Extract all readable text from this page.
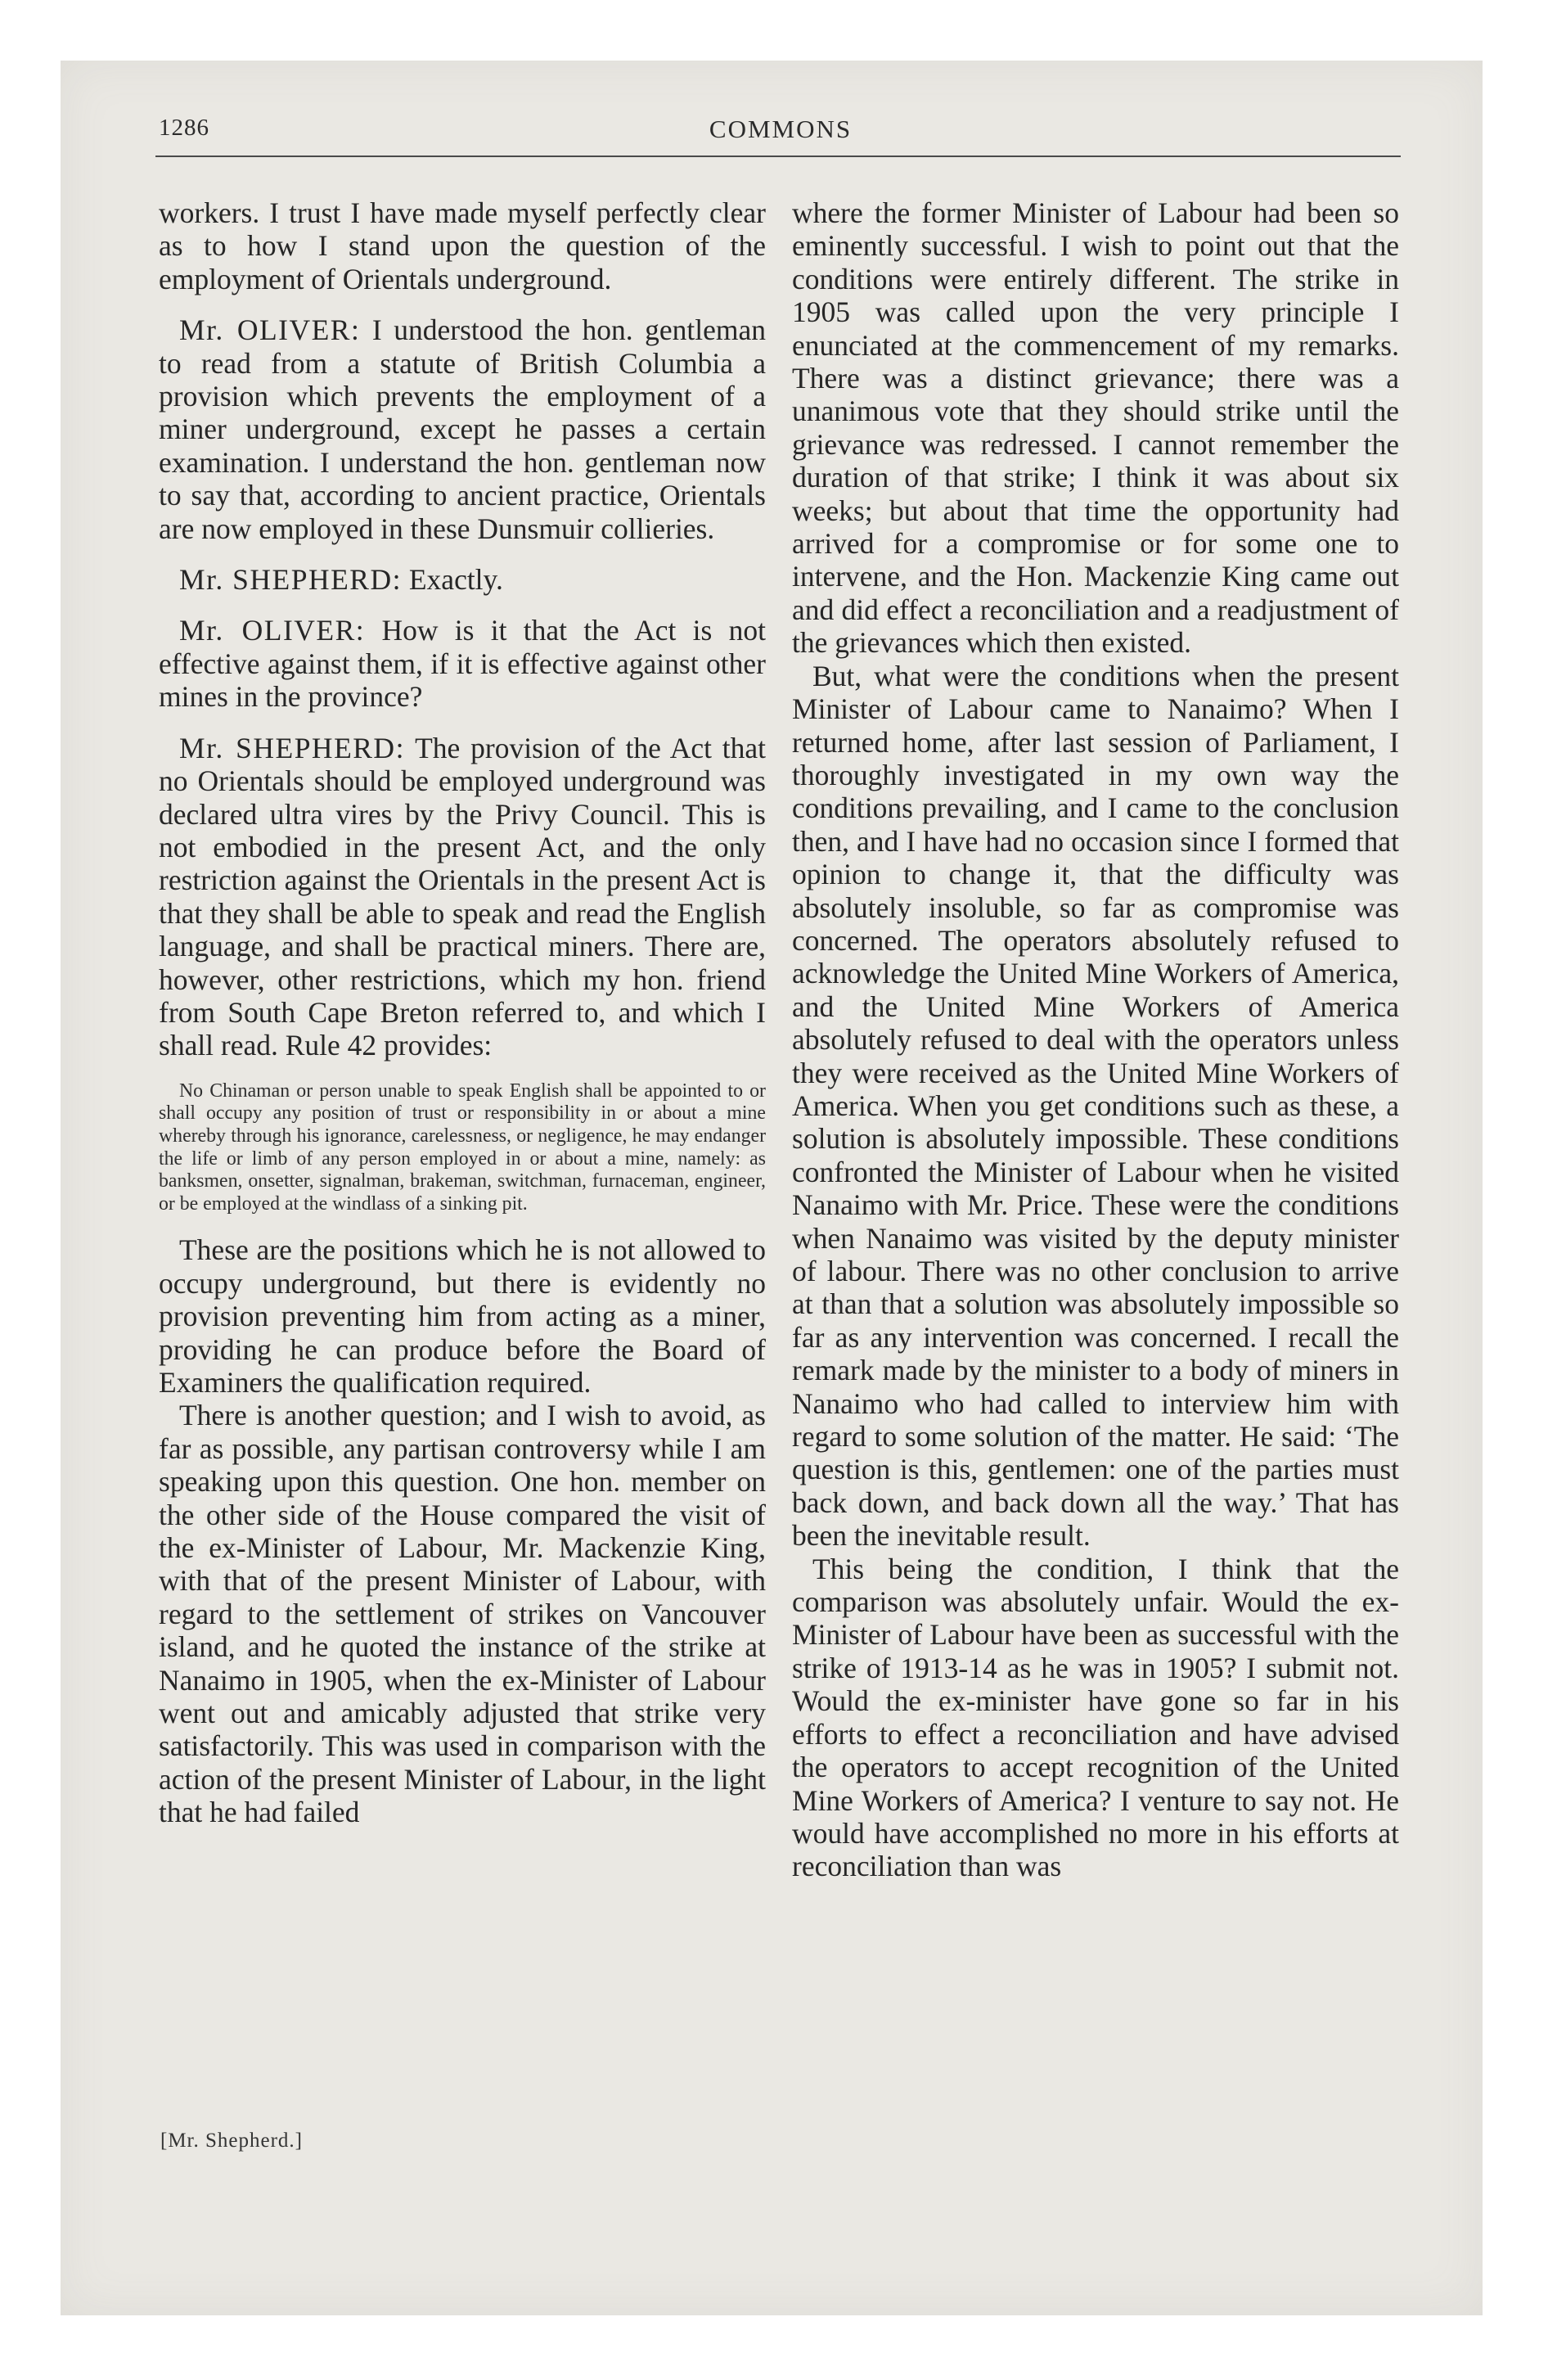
1286	COMMONS

workers. I trust I have made myself perfectly clear as to how I stand upon the question of the employment of Orientals underground.

Mr. OLIVER: I understood the hon. gentleman to read from a statute of British Columbia a provision which prevents the employment of a miner underground, except he passes a certain examination. I understand the hon. gentleman now to say that, according to ancient practice, Orientals are now employed in these Dunsmuir collieries.

Mr. SHEPHERD: Exactly.

Mr. OLIVER: How is it that the Act is not effective against them, if it is effective against other mines in the province?

Mr. SHEPHERD: The provision of the Act that no Orientals should be employed underground was declared ultra vires by the Privy Council. This is not embodied in the present Act, and the only restriction against the Orientals in the present Act is that they shall be able to speak and read the English language, and shall be practical miners. There are, however, other restrictions, which my hon. friend from South Cape Breton referred to, and which I shall read. Rule 42 provides:

No Chinaman or person unable to speak English shall be appointed to or shall occupy any position of trust or responsibility in or about a mine whereby through his ignorance, carelessness, or negligence, he may endanger the life or limb of any person employed in or about a mine, namely: as banksmen, onsetter, signalman, brakeman, switchman, furnaceman, engineer, or be employed at the windlass of a sinking pit.

These are the positions which he is not allowed to occupy underground, but there is evidently no provision preventing him from acting as a miner, providing he can produce before the Board of Examiners the qualification required.

There is another question; and I wish to avoid, as far as possible, any partisan controversy while I am speaking upon this question. One hon. member on the other side of the House compared the visit of the ex-Minister of Labour, Mr. Mackenzie King, with that of the present Minister of Labour, with regard to the settlement of strikes on Vancouver island, and he quoted the instance of the strike at Nanaimo in 1905, when the ex-Minister of Labour went out and amicably adjusted that strike very satisfactorily. This was used in comparison with the action of the present Minister of Labour, in the light that he had failed

where the former Minister of Labour had been so eminently successful. I wish to point out that the conditions were entirely different. The strike in 1905 was called upon the very principle I enunciated at the commencement of my remarks. There was a distinct grievance; there was a unanimous vote that they should strike until the grievance was redressed. I cannot remember the duration of that strike; I think it was about six weeks; but about that time the opportunity had arrived for a compromise or for some one to intervene, and the Hon. Mackenzie King came out and did effect a reconciliation and a readjustment of the grievances which then existed.

But, what were the conditions when the present Minister of Labour came to Nanaimo? When I returned home, after last session of Parliament, I thoroughly investigated in my own way the conditions prevailing, and I came to the conclusion then, and I have had no occasion since I formed that opinion to change it, that the difficulty was absolutely insoluble, so far as compromise was concerned. The operators absolutely refused to acknowledge the United Mine Workers of America, and the United Mine Workers of America absolutely refused to deal with the operators unless they were received as the United Mine Workers of America. When you get conditions such as these, a solution is absolutely impossible. These conditions confronted the Minister of Labour when he visited Nanaimo with Mr. Price. These were the conditions when Nanaimo was visited by the deputy minister of labour. There was no other conclusion to arrive at than that a solution was absolutely impossible so far as any intervention was concerned. I recall the remark made by the minister to a body of miners in Nanaimo who had called to interview him with regard to some solution of the matter. He said: ‘The question is this, gentlemen: one of the parties must back down, and back down all the way.’ That has been the inevitable result.

This being the condition, I think that the comparison was absolutely unfair. Would the ex-Minister of Labour have been as successful with the strike of 1913-14 as he was in 1905? I submit not. Would the ex-minister have gone so far in his efforts to effect a reconciliation and have advised the operators to accept recognition of the United Mine Workers of America? I venture to say not. He would have accomplished no more in his efforts at reconciliation than was

[Mr. Shepherd.]
